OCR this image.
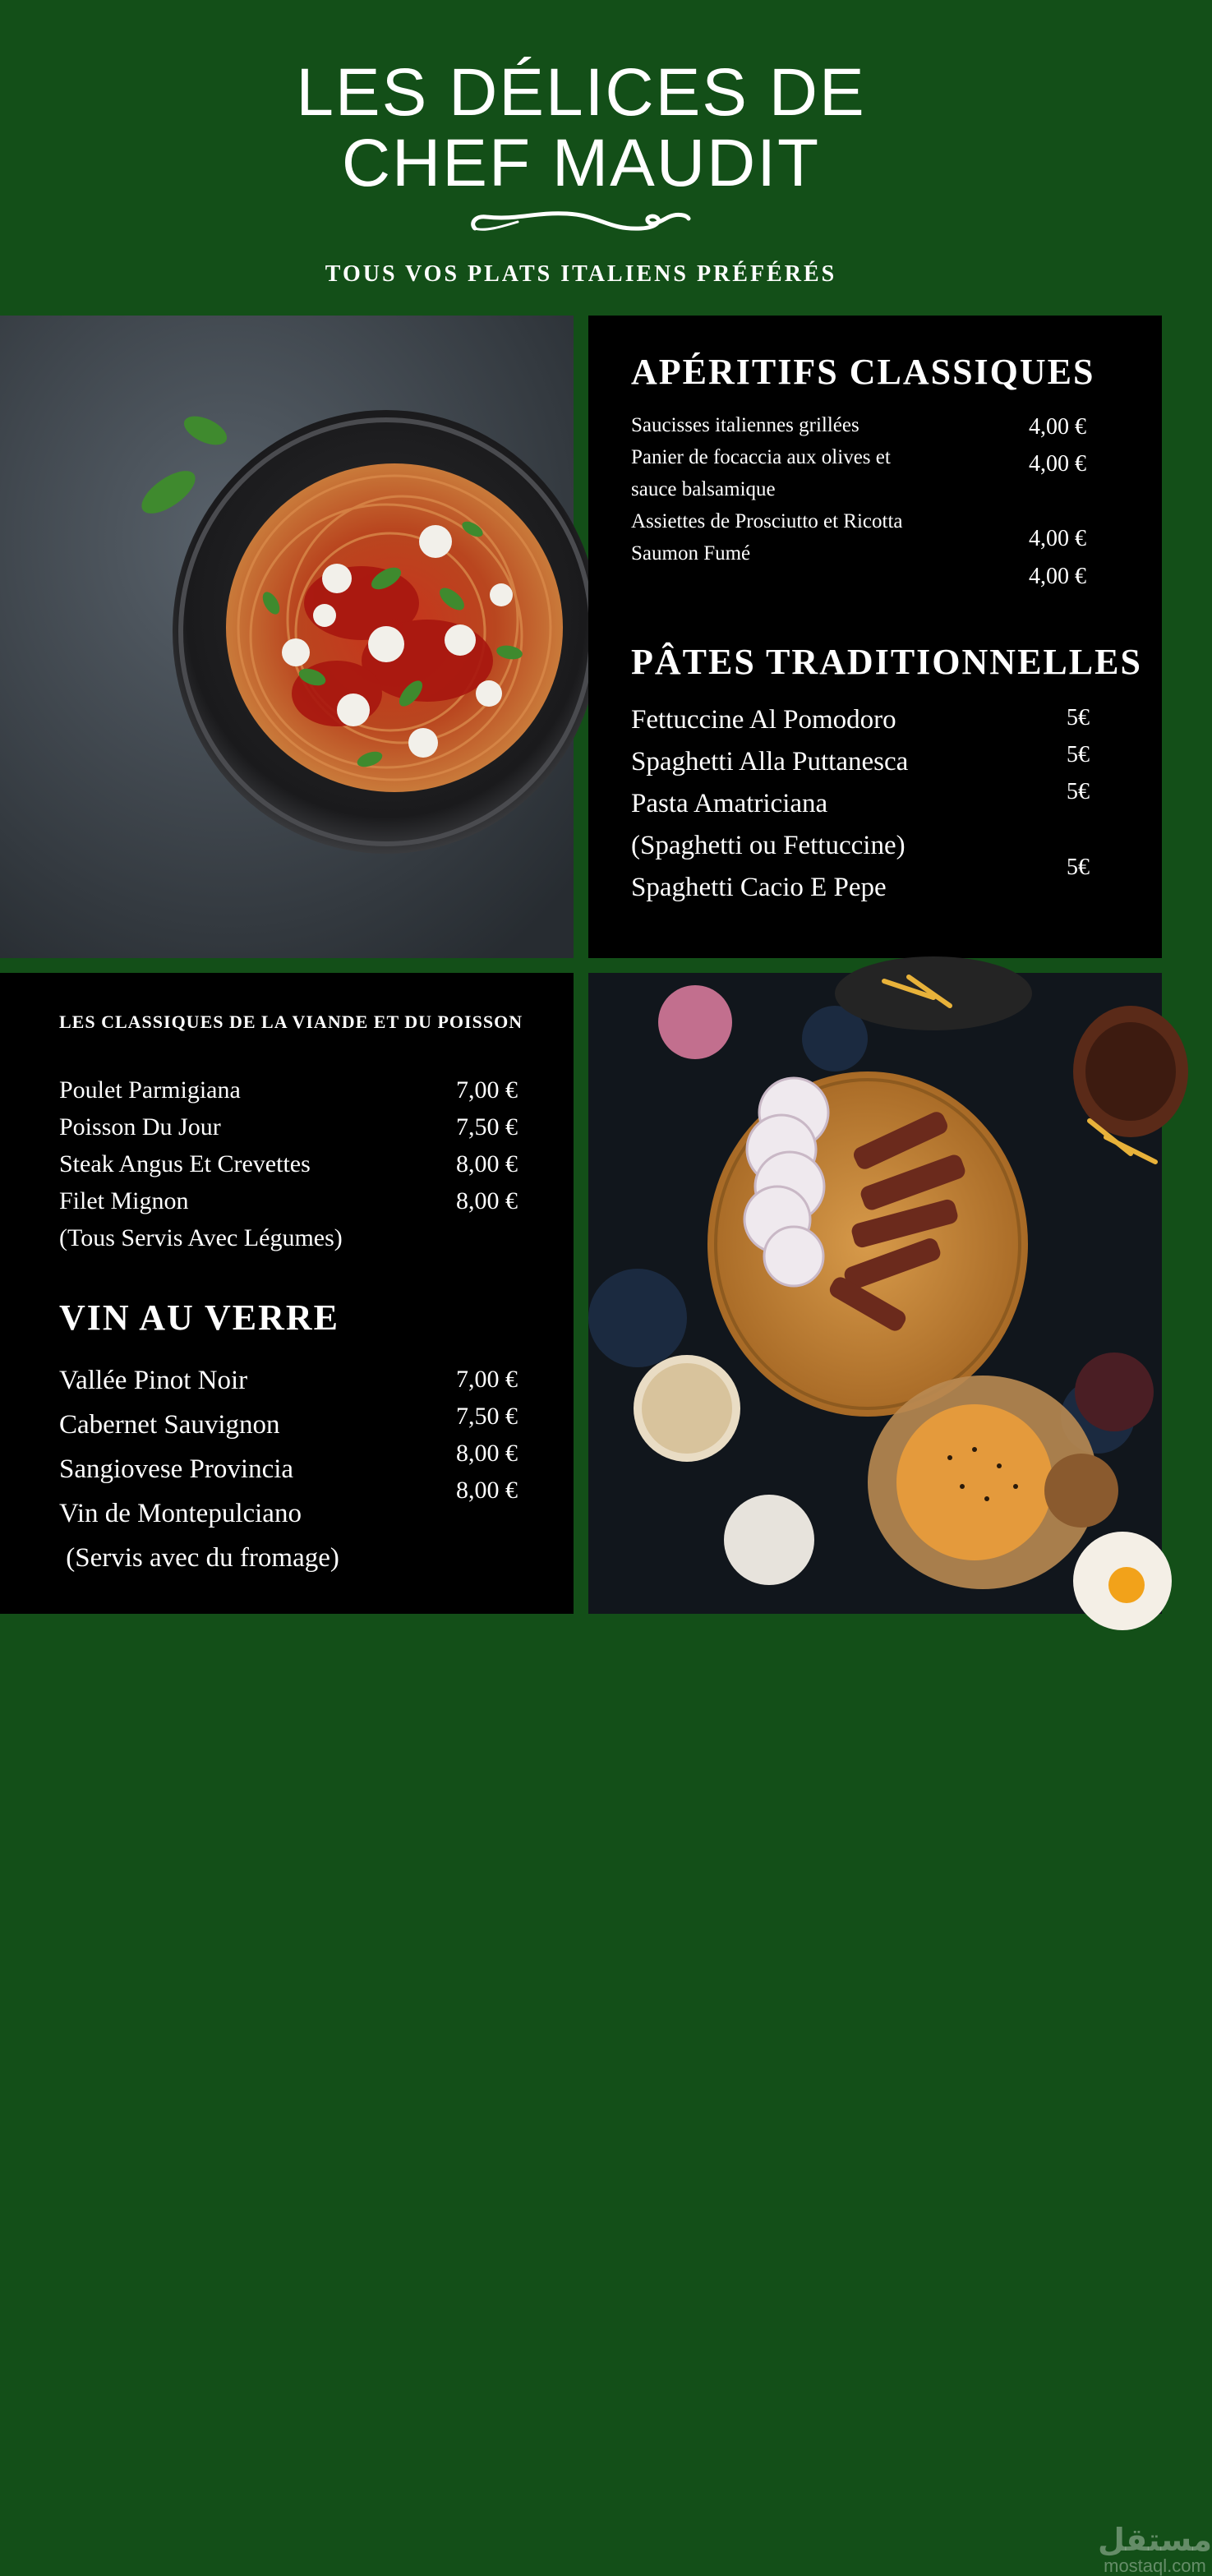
LES DÉLICES DE
CHEF MAUDIT
TOUS VOS PLATS ITALIENS PRÉFÉRÉS
APÉRITIFS CLASSIQUES
Saucisses italiennes grillées
Panier de focaccia aux olives et
sauce balsamique
Assiettes de Prosciutto et Ricotta
Saumon Fumé
4,00 €
4,00 €
4,00 €
4,00 €
PÂTES TRADITIONNELLES
Fettuccine Al Pomodoro
Spaghetti Alla Puttanesca
Pasta Amatriciana
(Spaghetti ou Fettuccine)
Spaghetti Cacio E Pepe
5€
5€
5€
5€
LES CLASSIQUES DE LA VIANDE ET DU POISSON
Poulet Parmigiana
Poisson Du Jour
Steak Angus Et Crevettes
Filet Mignon
(Tous Servis Avec Légumes)
7,00 €
7,50 €
8,00 €
8,00 €
VIN AU VERRE
Vallée Pinot Noir
Cabernet Sauvignon
Sangiovese Provincia
Vin de Montepulciano
(Servis avec du fromage)
7,00 €
7,50 €
8,00 €
8,00 €
مستقل
mostaql.com
